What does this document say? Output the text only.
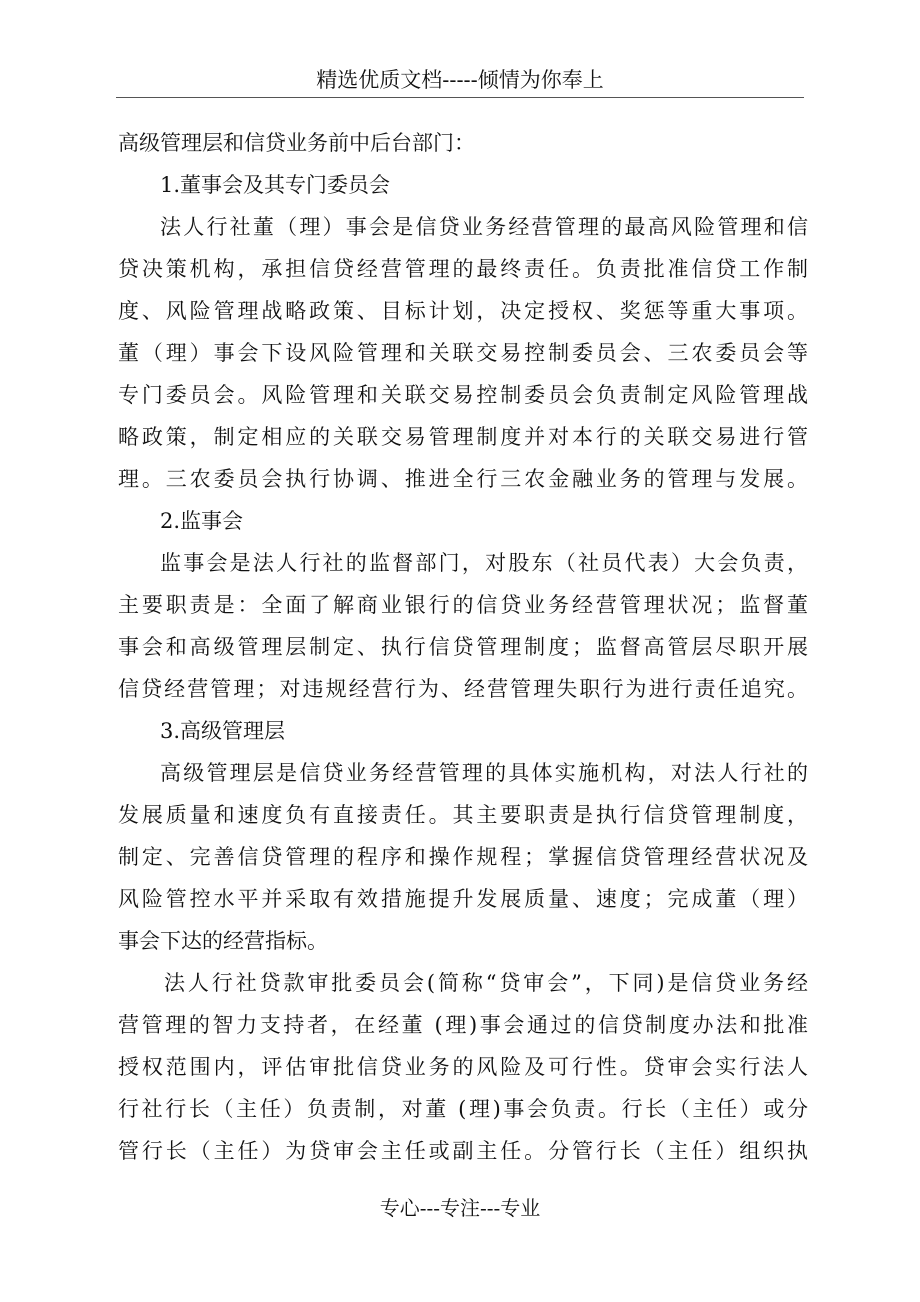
精选优质文档-----倾情为你奉上
高级管理层和信贷业务前中后台部门：
1.董事会及其专门委员会
法人行社董（理）事会是信贷业务经营管理的最高风险管理和信
贷决策机构，承担信贷经营管理的最终责任。负责批准信贷工作制
度、风险管理战略政策、目标计划，决定授权、奖惩等重大事项。
董（理）事会下设风险管理和关联交易控制委员会、三农委员会等
专门委员会。风险管理和关联交易控制委员会负责制定风险管理战
略政策，制定相应的关联交易管理制度并对本行的关联交易进行管
理。三农委员会执行协调、推进全行三农金融业务的管理与发展。
2.监事会
监事会是法人行社的监督部门，对股东（社员代表）大会负责，
主要职责是：全面了解商业银行的信贷业务经营管理状况；监督董
事会和高级管理层制定、执行信贷管理制度；监督高管层尽职开展
信贷经营管理；对违规经营行为、经营管理失职行为进行责任追究。
3.高级管理层
高级管理层是信贷业务经营管理的具体实施机构，对法人行社的
发展质量和速度负有直接责任。其主要职责是执行信贷管理制度，
制定、完善信贷管理的程序和操作规程；掌握信贷管理经营状况及
风险管控水平并采取有效措施提升发展质量、速度；完成董（理）
事会下达的经营指标。
法人行社贷款审批委员会(简称“贷审会”，下同)是信贷业务经
营管理的智力支持者，在经董 (理)事会通过的信贷制度办法和批准
授权范围内，评估审批信贷业务的风险及可行性。贷审会实行法人
行社行长（主任）负责制，对董 (理)事会负责。行长（主任）或分
管行长（主任）为贷审会主任或副主任。分管行长（主任）组织执
专心---专注---专业
